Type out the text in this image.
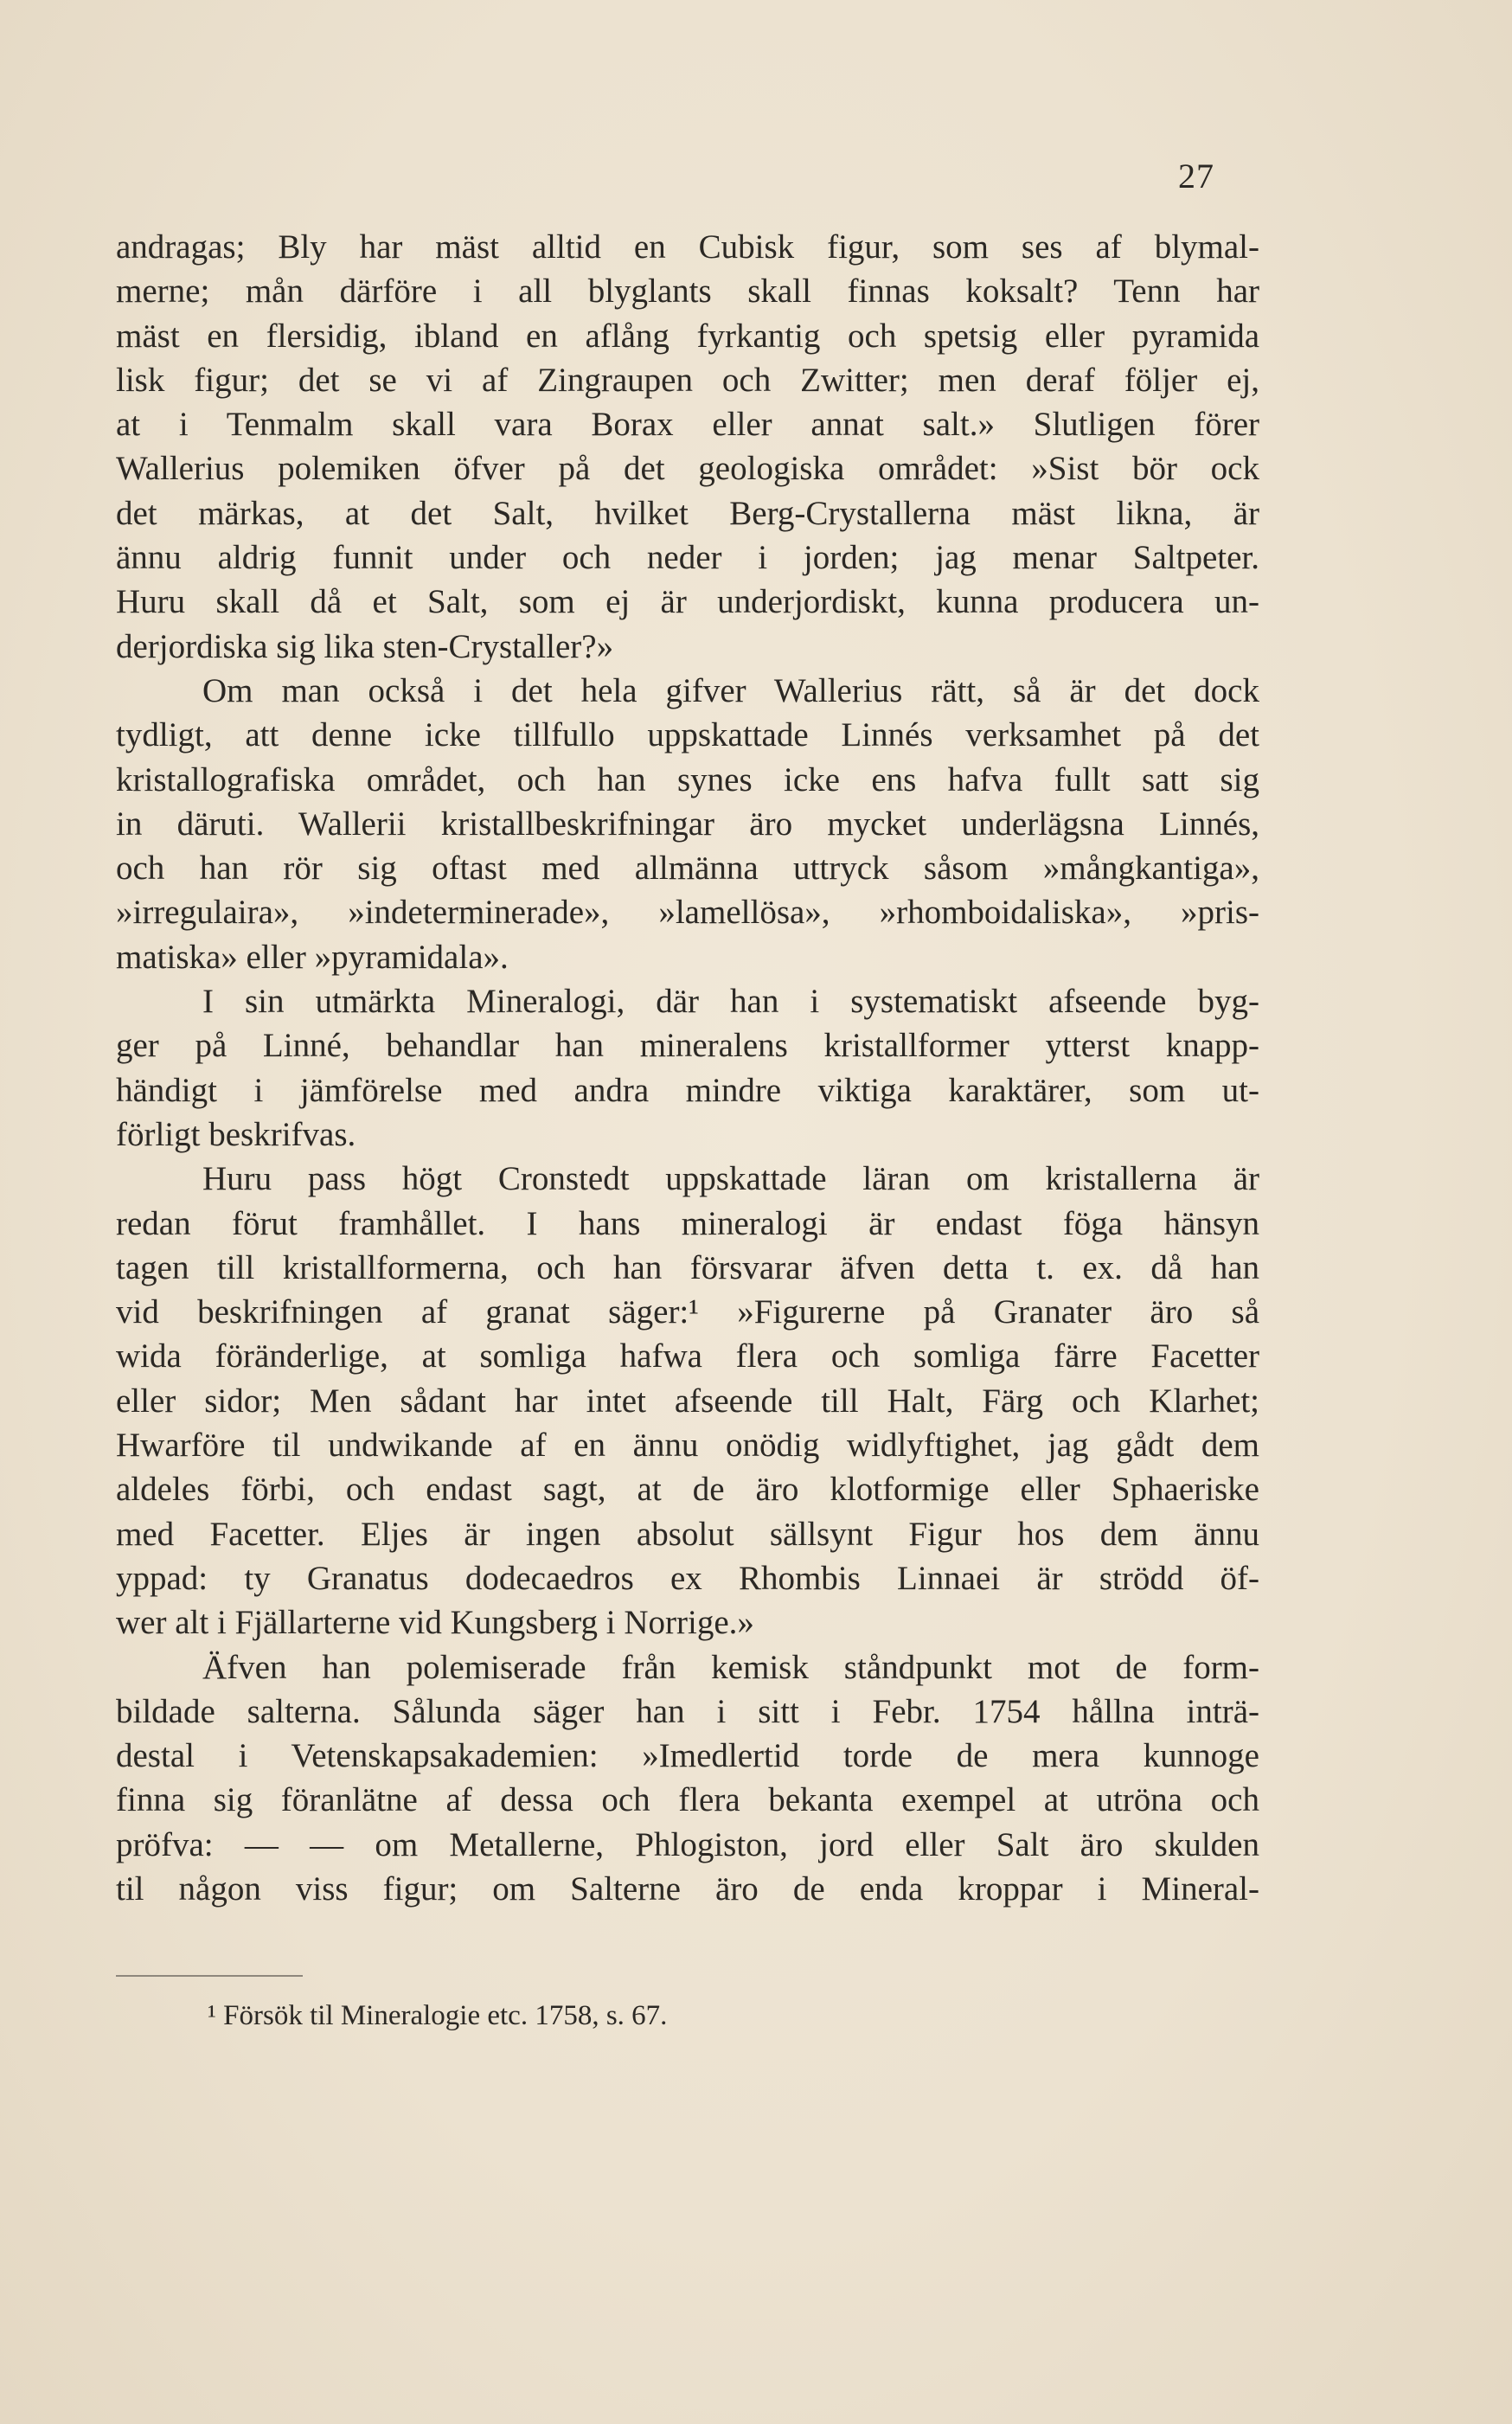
27
andragas; Bly har mäst alltid en Cubisk figur, som ses af blymal-
merne; mån därföre i all blyglants skall finnas koksalt? Tenn har
mäst en flersidig, ibland en aflång fyrkantig och spetsig eller pyramida
lisk figur; det se vi af Zingraupen och Zwitter; men deraf följer ej,
at i Tenmalm skall vara Borax eller annat salt.» Slutligen förer
Wallerius polemiken öfver på det geologiska området: »Sist bör ock
det märkas, at det Salt, hvilket Berg-Crystallerna mäst likna, är
ännu aldrig funnit under och neder i jorden; jag menar Saltpeter.
Huru skall då et Salt, som ej är underjordiskt, kunna producera un-
derjordiska sig lika sten-Crystaller?»
Om man också i det hela gifver Wallerius rätt, så är det dock
tydligt, att denne icke tillfullo uppskattade Linnés verksamhet på det
kristallografiska området, och han synes icke ens hafva fullt satt sig
in däruti. Wallerii kristallbeskrifningar äro mycket underlägsna Linnés,
och han rör sig oftast med allmänna uttryck såsom »mångkantiga»,
»irregulaira», »indeterminerade», »lamellösa», »rhomboidaliska», »pris-
matiska» eller »pyramidala».
I sin utmärkta Mineralogi, där han i systematiskt afseende byg-
ger på Linné, behandlar han mineralens kristallformer ytterst knapp-
händigt i jämförelse med andra mindre viktiga karaktärer, som ut-
förligt beskrifvas.
Huru pass högt Cronstedt uppskattade läran om kristallerna är
redan förut framhållet. I hans mineralogi är endast föga hänsyn
tagen till kristallformerna, och han försvarar äfven detta t. ex. då han
vid beskrifningen af granat säger:¹ »Figurerne på Granater äro så
wida föränderlige, at somliga hafwa flera och somliga färre Facetter
eller sidor; Men sådant har intet afseende till Halt, Färg och Klarhet;
Hwarföre til undwikande af en ännu onödig widlyftighet, jag gådt dem
aldeles förbi, och endast sagt, at de äro klotformige eller Sphaeriske
med Facetter. Eljes är ingen absolut sällsynt Figur hos dem ännu
yppad: ty Granatus dodecaedros ex Rhombis Linnaei är strödd öf-
wer alt i Fjällarterne vid Kungsberg i Norrige.»
Äfven han polemiserade från kemisk ståndpunkt mot de form-
bildade salterna. Sålunda säger han i sitt i Febr. 1754 hållna inträ-
destal i Vetenskapsakademien: »Imedlertid torde de mera kunnoge
finna sig föranlätne af dessa och flera bekanta exempel at utröna och
pröfva: — — om Metallerne, Phlogiston, jord eller Salt äro skulden
til någon viss figur; om Salterne äro de enda kroppar i Mineral-
¹ Försök til Mineralogie etc. 1758, s. 67.
